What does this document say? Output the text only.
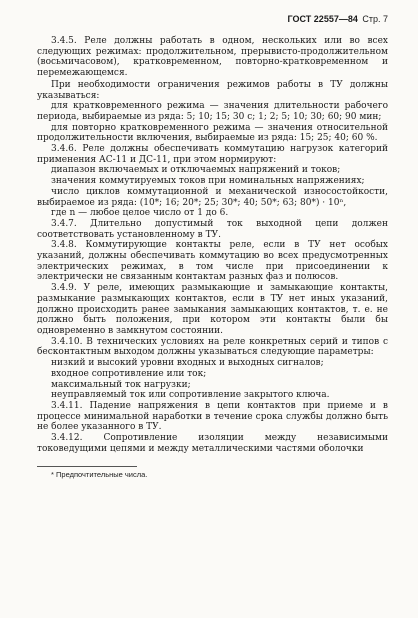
ГОСТ 22557—84 Стр. 7

3.4.5. Реле должны работать в одном, нескольких или во всех следующих режимах: продолжительном, прерывисто-продолжительном (восьмичасовом), кратковременном, повторно-кратковременном и перемежающемся.

При необходимости ограничения режимов работы в ТУ должны указываться:

для кратковременного режима — значения длительности рабочего периода, выбираемые из ряда: 5; 10; 15; 30 с; 1; 2; 5; 10; 30; 60; 90 мин;

для повторно кратковременного режима — значения относительной продолжительности включения, выбираемые из ряда: 15; 25; 40; 60 %.

3.4.6. Реле должны обеспечивать коммутацию нагрузок категорий применения АС-11 и ДС-11, при этом нормируют:

диапазон включаемых и отключаемых напряжений и токов;

значения коммутируемых токов при номинальных напряжениях;

число циклов коммутационной и механической износостойкости, выбираемое из ряда: (10*; 16; 20*; 25; 30*; 40; 50*; 63; 80*) · 10ⁿ,

где n — любое целое число от 1 до 6.

3.4.7. Длительно допустимый ток выходной цепи должен соответствовать установленному в ТУ.

3.4.8. Коммутирующие контакты реле, если в ТУ нет особых указаний, должны обеспечивать коммутацию во всех предусмотренных электрических режимах, в том числе при присоединении к электрически не связанным контактам разных фаз и полюсов.

3.4.9. У реле, имеющих размыкающие и замыкающие контакты, размыкание размыкающих контактов, если в ТУ нет иных указаний, должно происходить ранее замыкания замыкающих контактов, т. е. не должно быть положения, при котором эти контакты были бы одновременно в замкнутом состоянии.

3.4.10. В технических условиях на реле конкретных серий и типов с бесконтактным выходом должны указываться следующие параметры:

низкий и высокий уровни входных и выходных сигналов;

входное сопротивление или ток;

максимальный ток нагрузки;

неуправляемый ток или сопротивление закрытого ключа.

3.4.11. Падение напряжения в цепи контактов при приеме и в процессе минимальной наработки в течение срока службы должно быть не более указанного в ТУ.

3.4.12. Сопротивление изоляции между независимыми токоведущими цепями и между металлическими частями оболочки

* Предпочтительные числа.
